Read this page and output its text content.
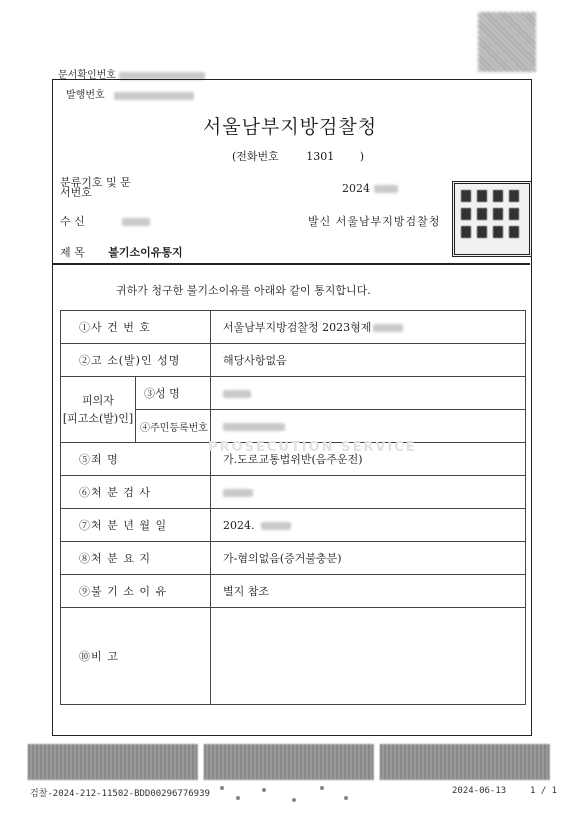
문서확인번호
발행번호
서울남부지방검찰청
(전화번호	1301 )
분류기호 및 문서번호	2024
수 신	발신 서울남부지방검찰청
제 목 불기소이유통지
귀하가 청구한 불기소이유를 아래와 같이 통지합니다.
①사 건 번 호		서울남부지방검찰청 2023형제

②고 소(발)인 성명		해당사항없음

피의자
[피고소(발)인]	③성 명	

	④주민등록번호	

⑤죄 명		가.도로교통법위반(음주운전)

⑥처 분 검 사		

⑦처 분 년 월 일		2024.

⑧처 분 요 지		가-혐의없음(증거불충분)

⑨불 기 소 이 유		별지 참조

⑩비 고		

PROSECUTION SERVICE
검찰-2024-212-11502-BDD00296776939	2024-06-13	1 / 1
